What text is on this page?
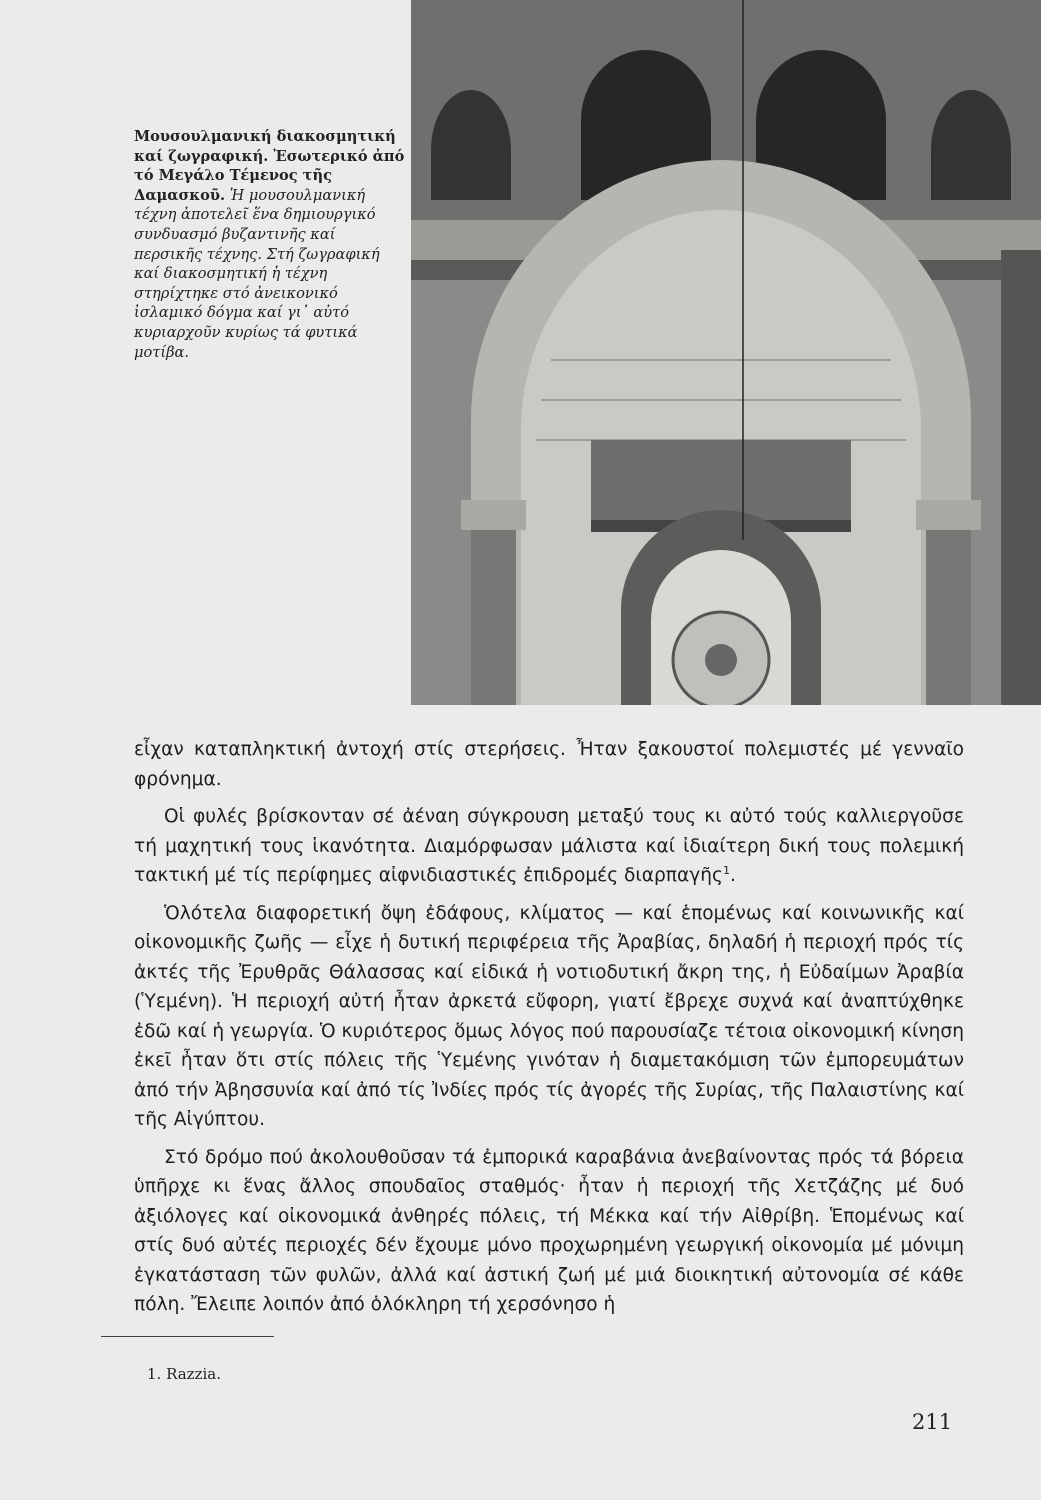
Μουσουλμανική διακοσμητική καί ζωγραφική. Ἐσωτερικό ἀπό τό Μεγάλο Τέμενος τῆς Δαμασκοῦ. Ἡ μουσουλμανική τέχνη ἀποτελεῖ ἕνα δημιουργικό συνδυασμό βυζαντινῆς καί περσικῆς τέχνης. Στή ζωγραφική καί διακοσμητική ἡ τέχνη στηρίχτηκε στό ἀνεικονικό ἰσλαμικό δόγμα καί γι᾿ αὐτό κυριαρχοῦν κυρίως τά φυτικά μοτίβα.

εἶχαν καταπληκτική ἀντοχή στίς στερήσεις. Ἦταν ξακουστοί πολεμιστές μέ γενναῖο φρόνημα.

Οἱ φυλές βρίσκονταν σέ ἀέναη σύγκρουση μεταξύ τους κι αὐτό τούς καλλιεργοῦσε τή μαχητική τους ἱκανότητα. Διαμόρφωσαν μάλιστα καί ἰδιαίτερη δική τους πολεμική τακτική μέ τίς περίφημες αἰφνιδιαστικές ἐπιδρομές διαρπαγῆς$^1$.

Ὁλότελα διαφορετική ὄψη ἐδάφους, κλίματος — καί ἑπομένως καί κοινωνικῆς καί οἰκονομικῆς ζωῆς — εἶχε ἡ δυτική περιφέρεια τῆς Ἀραβίας, δηλαδή ἡ περιοχή πρός τίς ἀκτές τῆς Ἐρυθρᾶς Θάλασσας καί εἰδικά ἡ νοτιοδυτική ἄκρη της, ἡ Εὐδαίμων Ἀραβία (Ὑεμένη). Ἡ περιοχή αὐτή ἦταν ἀρκετά εὔφορη, γιατί ἔβρεχε συχνά καί ἀναπτύχθηκε ἐδῶ καί ἡ γεωργία. Ὁ κυριότερος ὅμως λόγος πού παρουσίαζε τέτοια οἰκονομική κίνηση ἐκεῖ ἦταν ὅτι στίς πόλεις τῆς Ὑεμένης γινόταν ἡ διαμετακόμιση τῶν ἐμπορευμάτων ἀπό τήν Ἀβησσυνία καί ἀπό τίς Ἰνδίες πρός τίς ἀγορές τῆς Συρίας, τῆς Παλαιστίνης καί τῆς Αἰγύπτου.

Στό δρόμο πού ἀκολουθοῦσαν τά ἐμπορικά καραβάνια ἀνεβαίνοντας πρός τά βόρεια ὑπῆρχε κι ἕνας ἄλλος σπουδαῖος σταθμός· ἦταν ἡ περιοχή τῆς Χετζάζης μέ δυό ἀξιόλογες καί οἰκονομικά ἀνθηρές πόλεις, τή Μέκκα καί τήν Αἰθρίβη. Ἑπομένως καί στίς δυό αὐτές περιοχές δέν ἔχουμε μόνο προχωρημένη γεωργική οἰκονομία μέ μόνιμη ἐγκατάσταση τῶν φυλῶν, ἀλλά καί ἀστική ζωή μέ μιά διοικητική αὐτονομία σέ κάθε πόλη. Ἔλειπε λοιπόν ἀπό ὁλόκληρη τή χερσόνησο ἡ

1. Razzia.
211
